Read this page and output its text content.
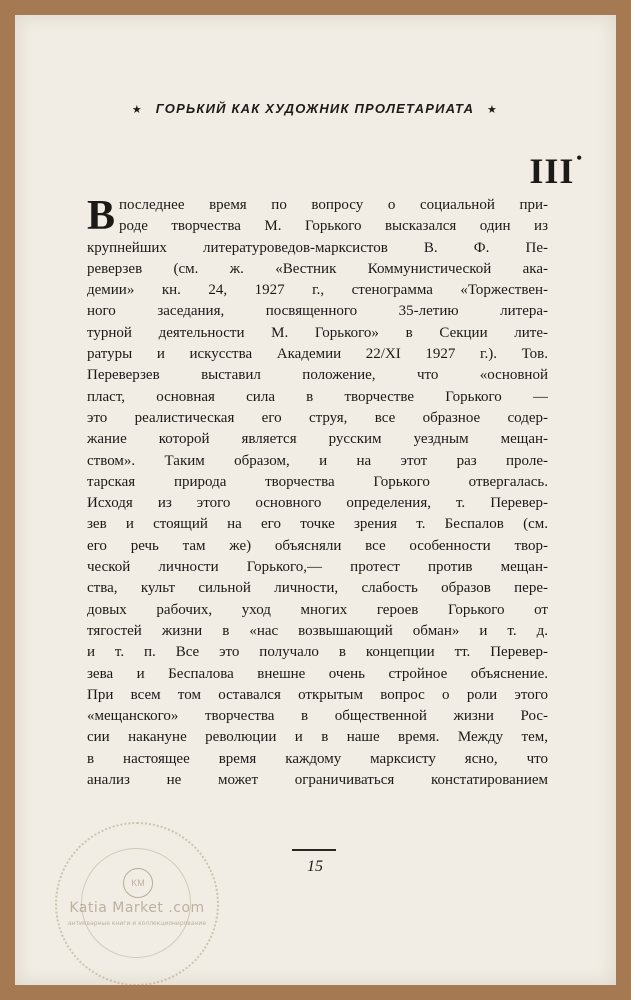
★ ГОРЬКИЙ КАК ХУДОЖНИК ПРОЛЕТАРИАТА ★
III •
В последнее время по вопросу о социальной при-
роде творчества М. Горького высказался один из
крупнейших литературоведов-марксистов В. Ф. Пе-
реверзев (см. ж. «Вестник Коммунистической ака-
демии» кн. 24, 1927 г., стенограмма «Торжествен-
ного заседания, посвященного 35-летию литера-
турной деятельности М. Горького» в Секции лите-
ратуры и искусства Академии 22/XI 1927 г.). Тов.
Переверзев выставил положение, что «основной
пласт, основная сила в творчестве Горького —
это реалистическая его струя, все образное содер-
жание которой является русским уездным мещан-
ством». Таким образом, и на этот раз проле-
тарская природа творчества Горького отвергалась.
Исходя из этого основного определения, т. Перевер-
зев и стоящий на его точке зрения т. Беспалов (см.
его речь там же) объясняли все особенности твор-
ческой личности Горького,— протест против мещан-
ства, культ сильной личности, слабость образов пере-
довых рабочих, уход многих героев Горького от
тягостей жизни в «нас возвышающий обман» и т. д.
и т. п. Все это получало в концепции тт. Перевер-
зева и Беспалова внешне очень стройное объяснение.
При всем том оставался открытым вопрос о роли этого
«мещанского» творчества в общественной жизни Рос-
сии накануне революции и в наше время. Между тем,
в настоящее время каждому марксисту ясно, что
анализ не может ограничиваться констатированием
15
KM
Katia Market .com
антикварные книги и коллекционирование
